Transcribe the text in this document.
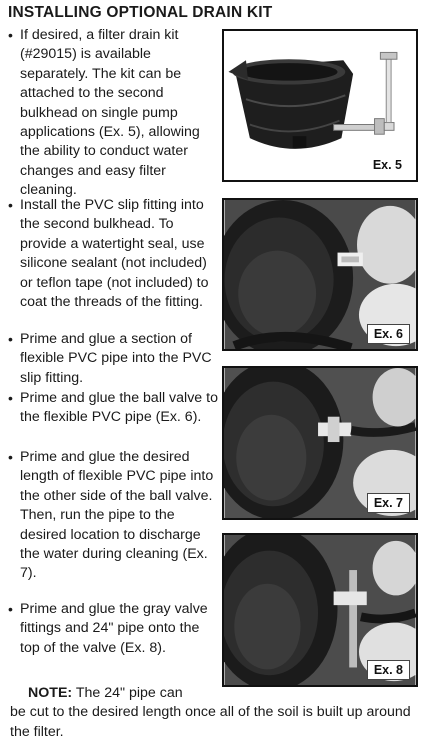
INSTALLING OPTIONAL DRAIN KIT
• If desired, a filter drain kit (#29015) is available separately. The kit can be attached to the second bulkhead on single pump applications (Ex. 5), allowing the ability to conduct water changes and easy filter cleaning.
• Install the PVC slip fitting into the second bulkhead. To provide a watertight seal, use silicone sealant (not included) or teflon tape (not included) to coat the threads of the fitting.
• Prime and glue a section of flexible PVC pipe into the PVC slip fitting.
• Prime and glue the ball valve to the flexible PVC pipe (Ex. 6).
• Prime and glue the desired length of flexible PVC pipe into the other side of the ball valve. Then, run the pipe to the desired location to discharge the water during cleaning (Ex. 7).
• Prime and glue the gray valve fittings and 24" pipe onto the top of the valve (Ex. 8).
Ex. 5
Ex. 6
Ex. 7
Ex. 8
NOTE: The 24" pipe can
be cut to the desired length once all of the soil is built up around the filter.
